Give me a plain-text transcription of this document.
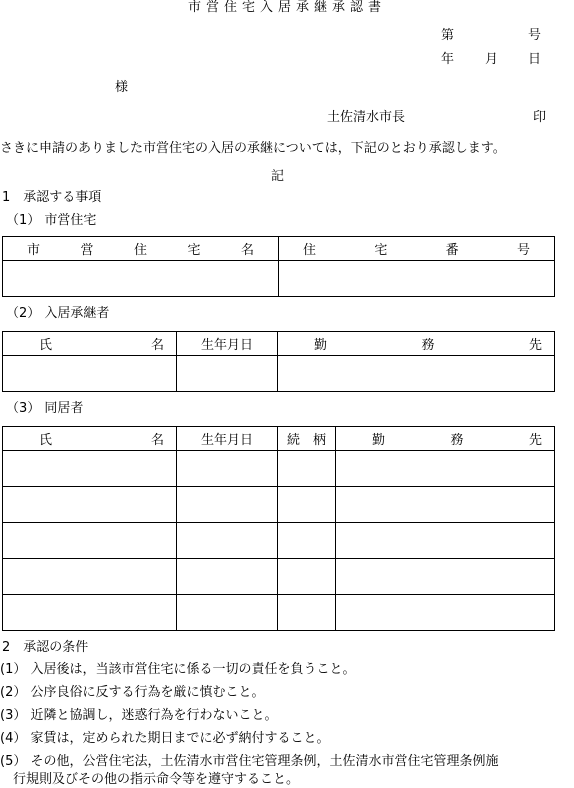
市営住宅入居承継承認書
第	号
年 月 日
様
土佐清水市長	印
さきに申請のありました市営住宅の入居の承継については，下記のとおり承認します。
記
1　承認する事項
（1） 市営住宅
市 営 住 宅 名	住 宅 番 号

（2） 入居承継者
氏 名	生年月日	勤 務 先

（3） 同居者
氏 名	生年月日	続　柄	勤 務 先

2　承認の条件
(1） 入居後は，当該市営住宅に係る一切の責任を負うこと。
(2） 公序良俗に反する行為を厳に慎むこと。
(3） 近隣と協調し，迷惑行為を行わないこと。
(4） 家賃は，定められた期日までに必ず納付すること。
(5） その他，公営住宅法，土佐清水市営住宅管理条例，土佐清水市営住宅管理条例施
　行規則及びその他の指示命令等を遵守すること。
